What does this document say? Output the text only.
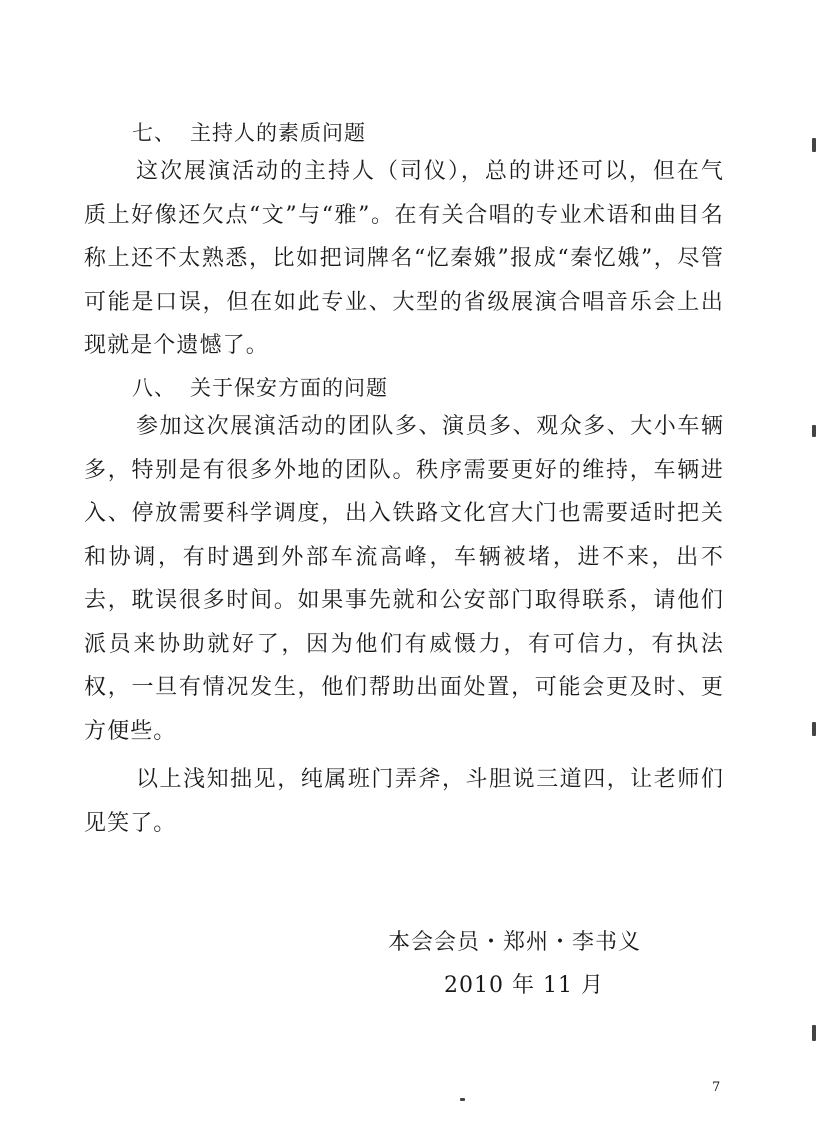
七、 主持人的素质问题

这次展演活动的主持人（司仪），总的讲还可以，但在气质上好像还欠点“文”与“雅”。在有关合唱的专业术语和曲目名称上还不太熟悉，比如把词牌名“忆秦娥”报成“秦忆娥”，尽管可能是口误，但在如此专业、大型的省级展演合唱音乐会上出现就是个遗憾了。

八、 关于保安方面的问题

参加这次展演活动的团队多、演员多、观众多、大小车辆多，特别是有很多外地的团队。秩序需要更好的维持，车辆进入、停放需要科学调度，出入铁路文化宫大门也需要适时把关和协调，有时遇到外部车流高峰，车辆被堵，进不来，出不去，耽误很多时间。如果事先就和公安部门取得联系，请他们派员来协助就好了，因为他们有威慑力，有可信力，有执法权，一旦有情况发生，他们帮助出面处置，可能会更及时、更方便些。

以上浅知拙见，纯属班门弄斧，斗胆说三道四，让老师们见笑了。

本会会员・郑州・李书义
2010 年 11 月
7
